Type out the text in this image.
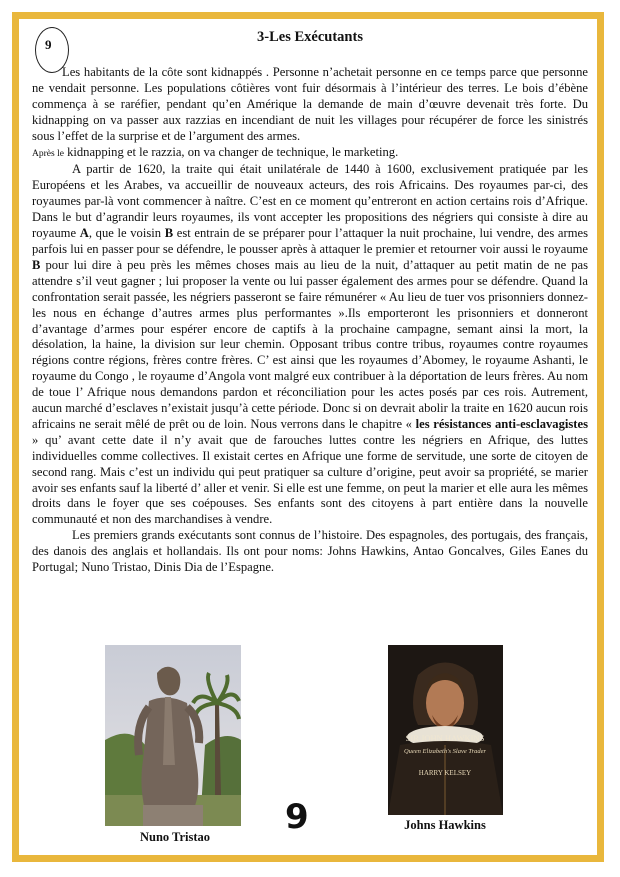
9	3-Les Exécutants

Les habitants de la côte sont kidnappés . Personne n’achetait personne en ce temps parce que personne ne vendait personne. Les populations côtières vont fuir désormais à l’intérieur des terres. Le bois d’ébène commença à se raréfier, pendant qu’en Amérique la demande de main d’œuvre devenait très forte. Du kidnapping on va passer aux razzias en incendiant de nuit les villages pour récupérer de force les sinistrés sous l’effet de la surprise et de l’argument des armes.
Après le kidnapping et le razzia, on va changer de technique, le marketing.

A partir de 1620, la traite qui était unilatérale de 1440 à 1600, exclusivement pratiquée par les Européens et les Arabes, va accueillir de nouveaux acteurs, des rois Africains. Des royaumes par-ci, des royaumes par-là vont commencer à naître. C’est en ce moment qu’entreront en action certains rois d’Afrique. Dans le but d’agrandir leurs royaumes, ils vont accepter les propositions des négriers qui consiste à dire au royaume A, que le voisin B est entrain de se préparer pour l’attaquer la nuit prochaine, lui vendre, des armes parfois lui en passer pour se défendre, le pousser après à attaquer le premier et retourner voir aussi le royaume B pour lui dire à peu près les mêmes choses mais au lieu de la nuit, d’attaquer au petit matin de ne pas attendre s’il veut gagner ; lui proposer la vente ou lui passer également des armes pour se défendre. Quand la confrontation serait passée, les négriers passeront se faire rémunérer « Au lieu de tuer vos prisonniers donnez-les nous en échange d’autres armes plus performantes ».Ils emporteront les prisonniers et donneront d’avantage d’armes pour espérer encore de captifs à la prochaine campagne, semant ainsi la mort, la désolation, la haine, la division sur leur chemin. Opposant tribus contre tribus, royaumes contre royaumes régions contre régions, frères contre frères. C’ est ainsi que les royaumes d’Abomey, le royaume Ashanti, le royaume du Congo , le royaume d’Angola vont malgré eux contribuer à la déportation de leurs frères. Au nom de toue l’ Afrique nous demandons pardon et réconciliation pour les actes posés par ces rois. Autrement, aucun marché d’esclaves n’existait jusqu’à cette période. Donc si on devrait abolir la traite en 1620 aucun rois africains ne serait mêlé de prêt ou de loin. Nous verrons dans le chapitre « les résistances anti-esclavagistes » qu’ avant cette date il n’y avait que de farouches luttes contre les négriers en Afrique, des luttes individuelles comme collectives. Il existait certes en Afrique une forme de servitude, une sorte de citoyen de second rang. Mais c’est un individu qui peut pratiquer sa culture d’origine, peut avoir sa propriété, se marier avoir ses enfants sauf la liberté d’ aller et venir. Si elle est une femme, on peut la marier et elle aura les mêmes droits dans le foyer que ses coépouses. Ses enfants sont des citoyens à part entière dans la nouvelle communauté et non des marchandises à vendre.

Les premiers grands exécutants sont connus de l’histoire. Des espagnoles, des portugais, des français, des danois des anglais et hollandais. Ils ont pour noms: Johns Hawkins, Antao Goncalves, Giles Eanes du Portugal; Nuno Tristao, Dinis Dia de l’Espagne.

SIR JOHN HAWKINS
Queen Elizabeth's Slave Trader
HARRY KELSEY
Nuno Tristao
Johns Hawkins
9
